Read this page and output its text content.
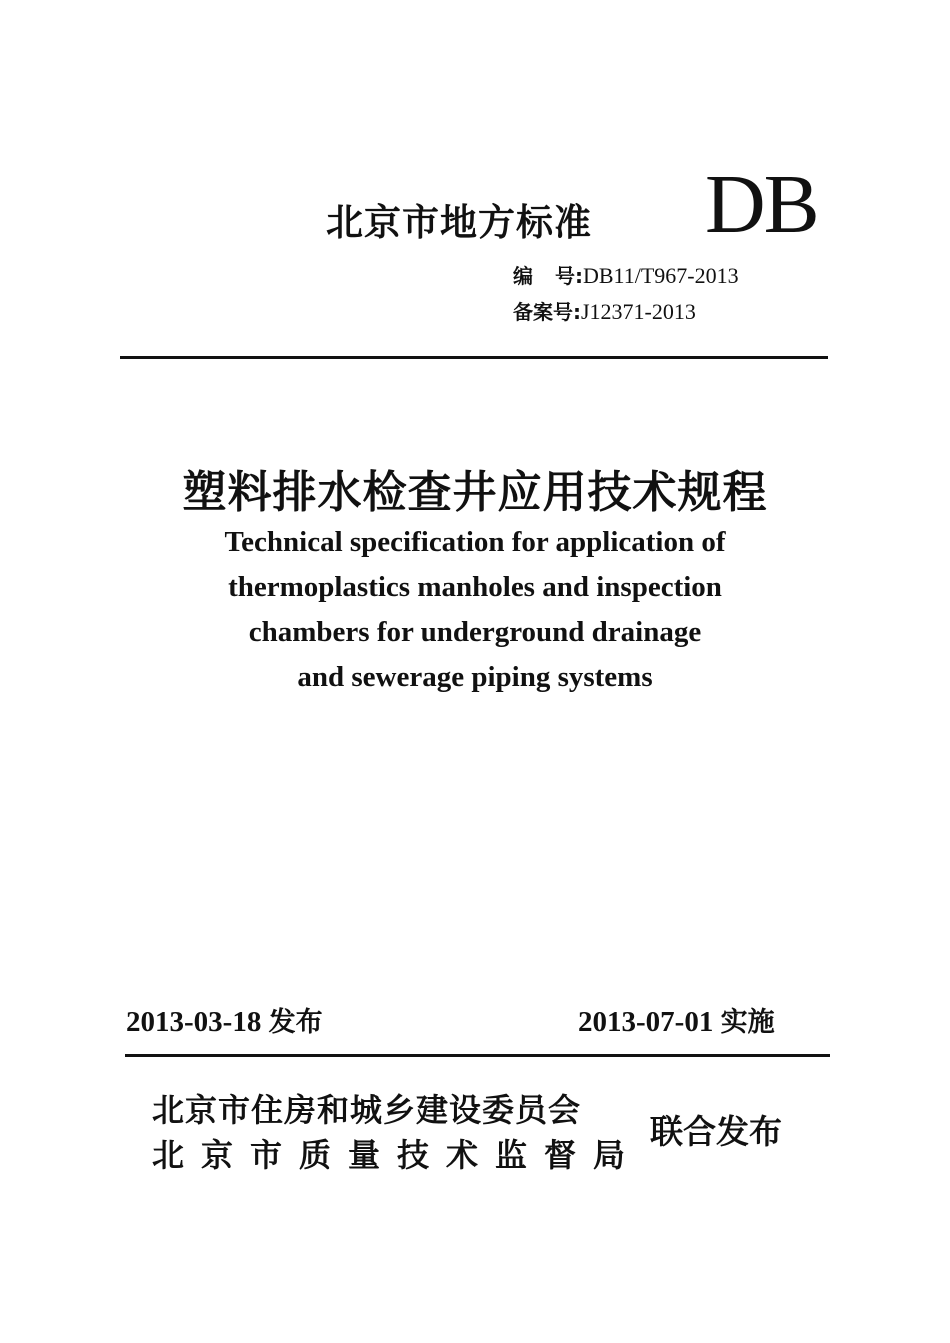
北京市地方标准 DB
编号:DB11/T967-2013
备案号:J12371-2013
塑料排水检查井应用技术规程
Technical specification for application of
thermoplastics manholes and inspection
chambers for underground drainage
and sewerage piping systems
2013-03-18 发布	2013-07-01 实施
北京市住房和城乡建设委员会
北京市质量技术监督局
联合发布
